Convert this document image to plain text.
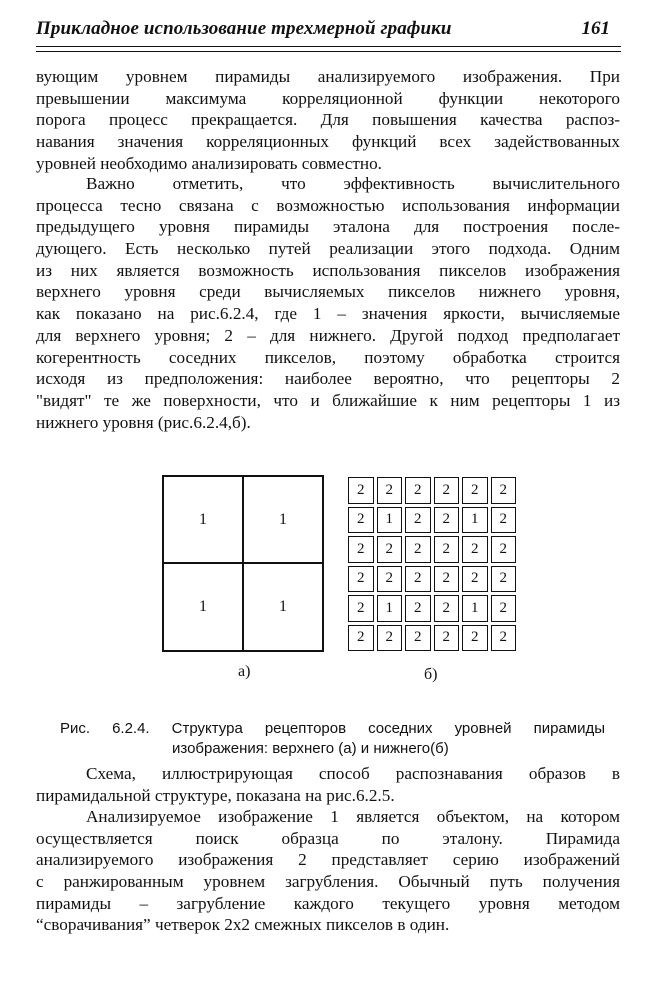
Прикладное использование трехмерной графики	161
вующим уровнем пирамиды анализируемого изображения. При
превышении максимума корреляционной функции некоторого
порога процесс прекращается. Для повышения качества распоз-
навания значения корреляционных функций всех задействованных
уровней необходимо анализировать совместно.
Важно отметить, что эффективность вычислительного
процесса тесно связана с возможностью использования информации
предыдущего уровня пирамиды эталона для построения после-
дующего. Есть несколько путей реализации этого подхода. Одним
из них является возможность использования пикселов изображения
верхнего уровня среди вычисляемых пикселов нижнего уровня,
как показано на рис.6.2.4, где 1 – значения яркости, вычисляемые
для верхнего уровня; 2 – для нижнего. Другой подход предполагает
когерентность соседних пикселов, поэтому обработка строится
исходя из предположения: наиболее вероятно, что рецепторы 2
"видят" те же поверхности, что и ближайшие к ним рецепторы 1 из
нижнего уровня (рис.6.2.4,б).
1	1
1	1
2	2	2	2	2	2
2	1	2	2	1	2
2	2	2	2	2	2
2	2	2	2	2	2
2	1	2	2	1	2
2	2	2	2	2	2
а)	б)
Рис. 6.2.4. Структура рецепторов соседних уровней пирамиды
изображения: верхнего (а) и нижнего(б)
Схема, иллюстрирующая способ распознавания образов в
пирамидальной структуре, показана на рис.6.2.5.
Анализируемое изображение 1 является объектом, на котором
осуществляется поиск образца по эталону. Пирамида
анализируемого изображения 2 представляет серию изображений
с ранжированным уровнем загрубления. Обычный путь получения
пирамиды – загрубление каждого текущего уровня методом
“сворачивания” четверок 2х2 смежных пикселов в один.
